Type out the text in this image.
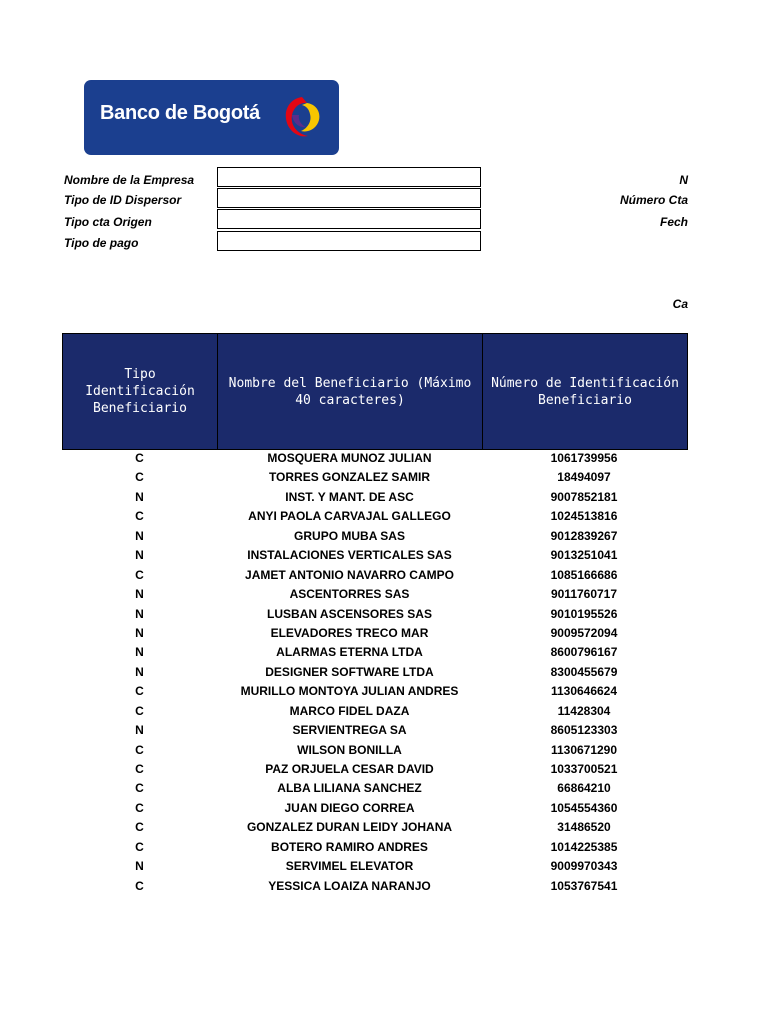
Banco de Bogotá
Nombre de la Empresa
Tipo de ID Dispersor
Tipo cta Origen
Tipo de pago
N
Número Cta
Fech
Ca
Tipo Identificación Beneficiario
Nombre del Beneficiario (Máximo 40 caracteres)
Número de Identificación Beneficiario
C	MOSQUERA MUNOZ JULIAN	1061739956
C	TORRES GONZALEZ SAMIR	18494097
N	INST. Y MANT. DE ASC	9007852181
C	ANYI PAOLA CARVAJAL GALLEGO	1024513816
N	GRUPO MUBA SAS	9012839267
N	INSTALACIONES VERTICALES SAS	9013251041
C	JAMET ANTONIO NAVARRO CAMPO	1085166686
N	ASCENTORRES SAS	9011760717
N	LUSBAN ASCENSORES SAS	9010195526
N	ELEVADORES TRECO MAR	9009572094
N	ALARMAS ETERNA LTDA	8600796167
N	DESIGNER SOFTWARE LTDA	8300455679
C	MURILLO MONTOYA JULIAN ANDRES	1130646624
C	MARCO FIDEL DAZA	11428304
N	SERVIENTREGA SA	8605123303
C	WILSON BONILLA	1130671290
C	PAZ ORJUELA CESAR DAVID	1033700521
C	ALBA LILIANA SANCHEZ	66864210
C	JUAN DIEGO CORREA	1054554360
C	GONZALEZ DURAN LEIDY JOHANA	31486520
C	BOTERO RAMIRO ANDRES	1014225385
N	SERVIMEL ELEVATOR	9009970343
C	YESSICA LOAIZA NARANJO	1053767541
